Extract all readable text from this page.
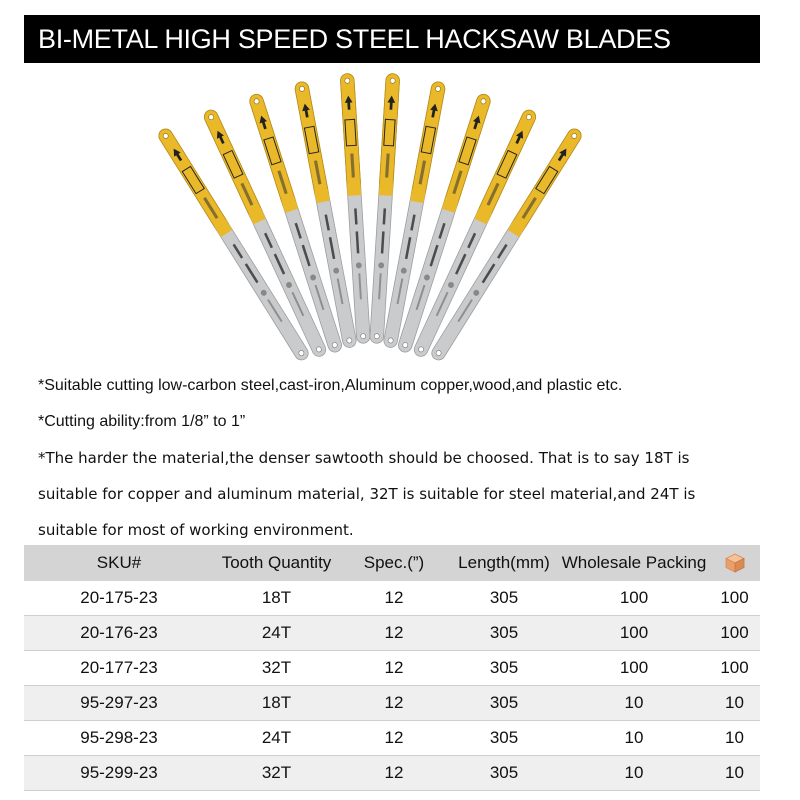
BI-METAL HIGH SPEED STEEL HACKSAW BLADES
*Suitable cutting low-carbon steel,cast-iron,Aluminum copper,wood,and plastic etc.
*Cutting ability:from 1/8” to 1”
*The harder the material,the denser sawtooth should be choosed. That is to say 18T is
suitable for copper and aluminum material, 32T is suitable for steel material,and 24T is
suitable for most of working environment.
SKU#	Tooth Quantity	Spec.(”)	Length(mm)	Wholesale Packing	
20-175-23	18T	12	305	100	100
20-176-23	24T	12	305	100	100
20-177-23	32T	12	305	100	100
95-297-23	18T	12	305	10	10
95-298-23	24T	12	305	10	10
95-299-23	32T	12	305	10	10
